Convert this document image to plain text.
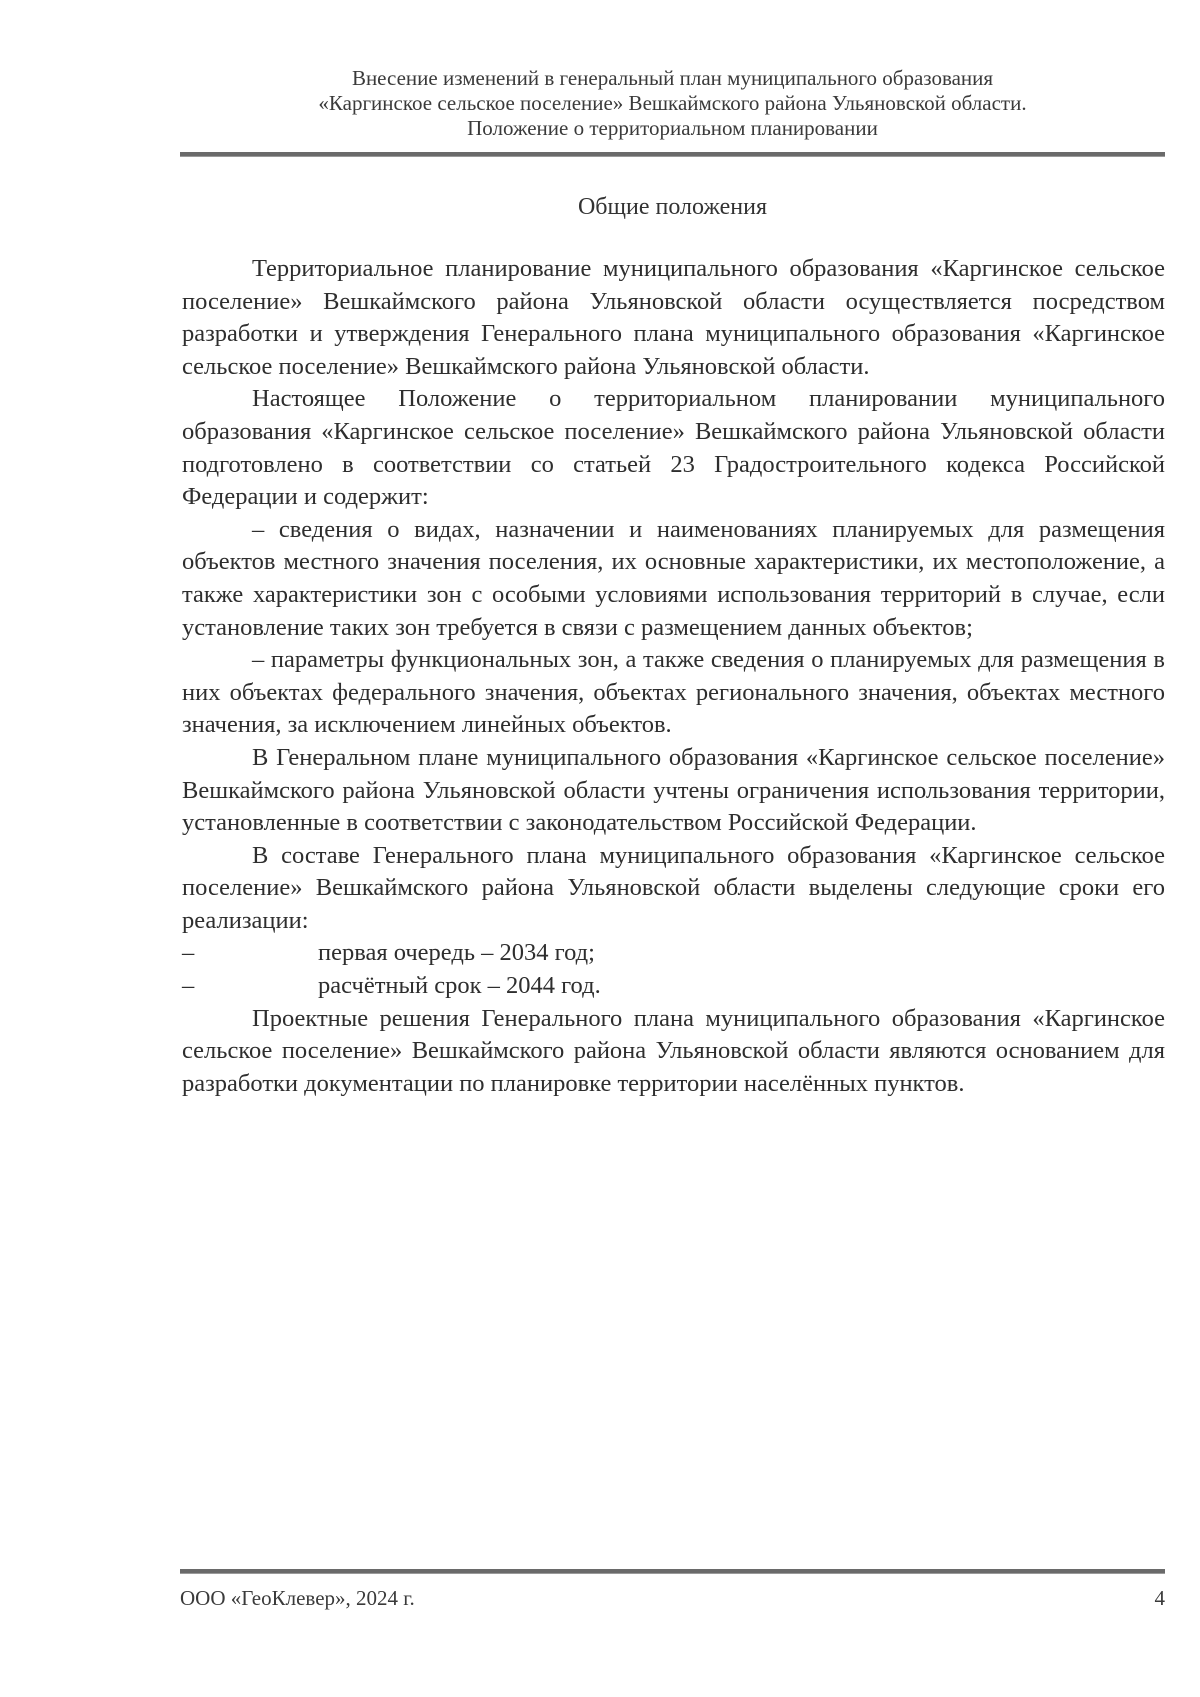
Внесение изменений в генеральный план муниципального образования
«Каргинское сельское поселение» Вешкаймского района Ульяновской области.
Положение о территориальном планировании
Общие положения

Территориальное планирование муниципального образования «Каргинское сельское поселение» Вешкаймского района Ульяновской области осуществляется посредством разработки и утверждения Генерального плана муниципального образования «Каргинское сельское поселение» Вешкаймского района Ульяновской области.

Настоящее Положение о территориальном планировании муниципального образования «Каргинское сельское поселение» Вешкаймского района Ульяновской области подготовлено в соответствии со статьей 23 Градостроительного кодекса Российской Федерации и содержит:

– сведения о видах, назначении и наименованиях планируемых для размещения объектов местного значения поселения, их основные характеристики, их местоположение, а также характеристики зон с особыми условиями использования территорий в случае, если установление таких зон требуется в связи с размещением данных объектов;

– параметры функциональных зон, а также сведения о планируемых для размещения в них объектах федерального значения, объектах регионального значения, объектах местного значения, за исключением линейных объектов.

В Генеральном плане муниципального образования «Каргинское сельское поселение» Вешкаймского района Ульяновской области учтены ограничения использования территории, установленные в соответствии с законодательством Российской Федерации.

В составе Генерального плана муниципального образования «Каргинское сельское поселение» Вешкаймского района Ульяновской области выделены следующие сроки его реализации:

–	первая очередь – 2034 год;
–	расчётный срок – 2044 год.

Проектные решения Генерального плана муниципального образования «Каргинское сельское поселение» Вешкаймского района Ульяновской области являются основанием для разработки документации по планировке территории населённых пунктов.

ООО «ГеоКлевер», 2024 г.	4
